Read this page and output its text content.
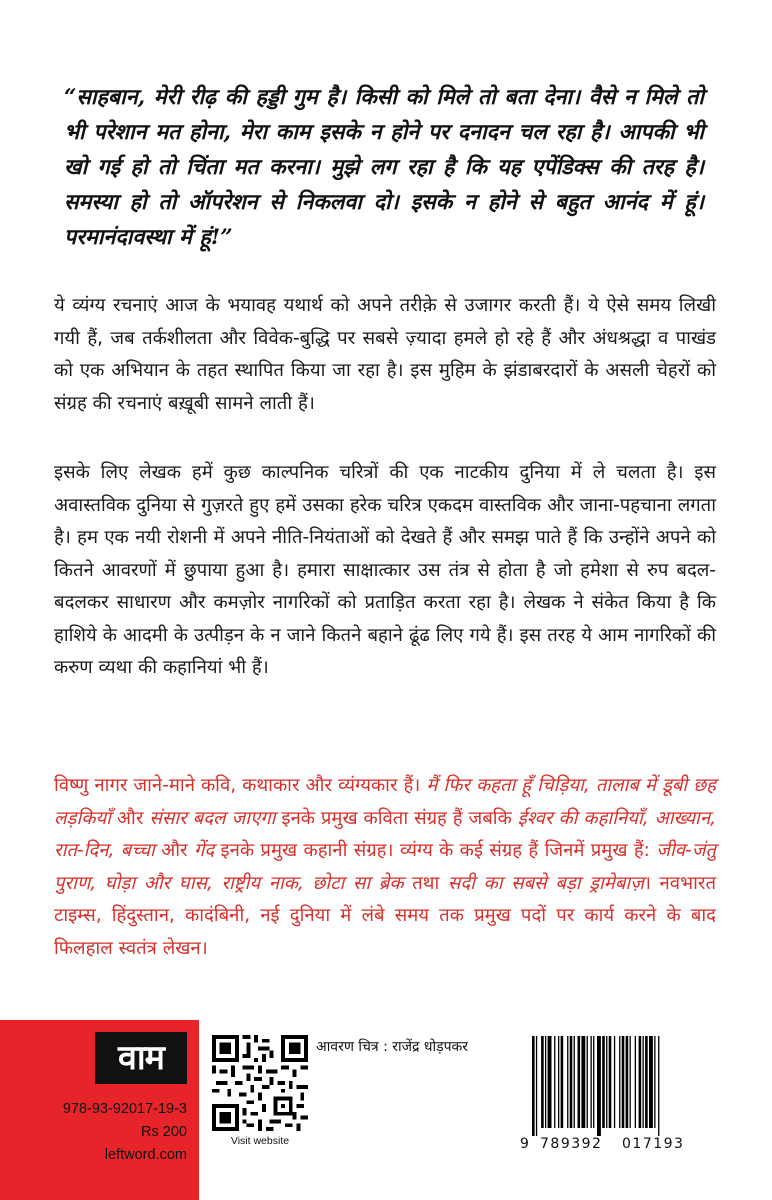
“साहबान, मेरी रीढ़ की हड्डी गुम है। किसी को मिले तो बता देना। वैसे न मिले तो भी परेशान मत होना, मेरा काम इसके न होने पर दनादन चल रहा है। आपकी भी खो गई हो तो चिंता मत करना। मुझे लग रहा है कि यह एपेंडिक्स की तरह है। समस्या हो तो ऑपरेशन से निकलवा दो। इसके न होने से बहुत आनंद में हूं। परमानंदावस्था में हूं!”
ये व्यंग्य रचनाएं आज के भयावह यथार्थ को अपने तरीक़े से उजागर करती हैं। ये ऐसे समय लिखी गयी हैं, जब तर्कशीलता और विवेक-बुद्धि पर सबसे ज़्यादा हमले हो रहे हैं और अंधश्रद्धा व पाखंड को एक अभियान के तहत स्थापित किया जा रहा है। इस मुहिम के झंडाबरदारों के असली चेहरों को संग्रह की रचनाएं बख़ूबी सामने लाती हैं।
इसके लिए लेखक हमें कुछ काल्पनिक चरित्रों की एक नाटकीय दुनिया में ले चलता है। इस अवास्तविक दुनिया से गुज़रते हुए हमें उसका हरेक चरित्र एकदम वास्तविक और जाना-पहचाना लगता है। हम एक नयी रोशनी में अपने नीति-नियंताओं को देखते हैं और समझ पाते हैं कि उन्होंने अपने को कितने आवरणों में छुपाया हुआ है। हमारा साक्षात्कार उस तंत्र से होता है जो हमेशा से रुप बदल-बदलकर साधारण और कमज़ोर नागरिकों को प्रताड़ित करता रहा है। लेखक ने संकेत किया है कि हाशिये के आदमी के उत्पीड़न के न जाने कितने बहाने ढूंढ लिए गये हैं। इस तरह ये आम नागरिकों की करुण व्यथा की कहानियां भी हैं।
विष्णु नागर जाने-माने कवि, कथाकार और व्यंग्यकार हैं। मैं फिर कहता हूँ चिड़िया, तालाब में डूबी छह लड़कियाँ और संसार बदल जाएगा इनके प्रमुख कविता संग्रह हैं जबकि ईश्वर की कहानियाँ, आख्यान, रात-दिन, बच्चा और गेंद इनके प्रमुख कहानी संग्रह। व्यंग्य के कई संग्रह हैं जिनमें प्रमुख हैं: जीव-जंतु पुराण, घोड़ा और घास, राष्ट्रीय नाक, छोटा सा ब्रेक तथा सदी का सबसे बड़ा ड्रामेबाज़। नवभारत टाइम्स, हिंदुस्तान, कादंबिनी, नई दुनिया में लंबे समय तक प्रमुख पदों पर कार्य करने के बाद फिलहाल स्वतंत्र लेखन।
वाम
978-93-92017-19-3
Rs 200
leftword.com
Visit website
आवरण चित्र : राजेंद्र धोड़पकर
9 789392 017193
